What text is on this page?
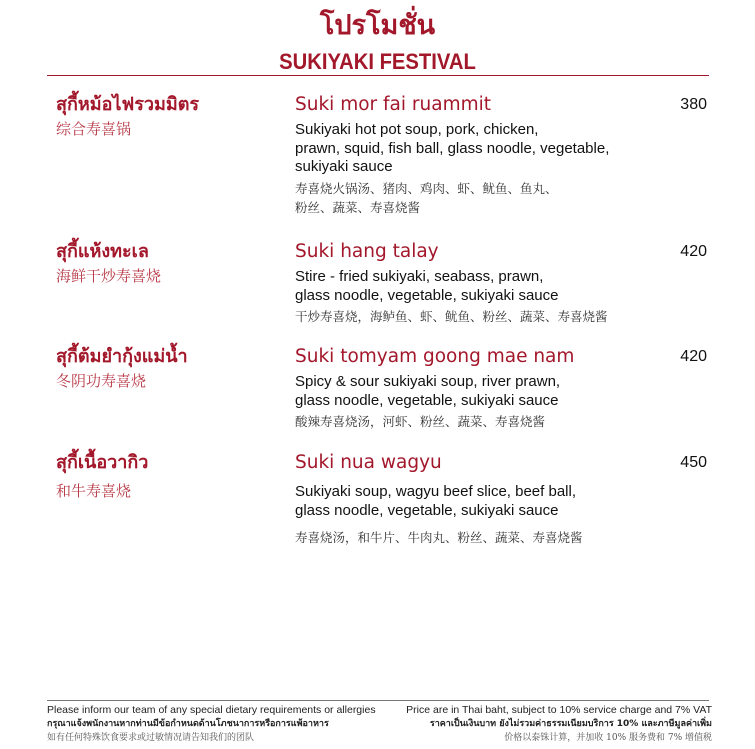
โปรโมชั่น
SUKIYAKI FESTIVAL
สุกี้หม้อไฟรวมมิตร
综合寿喜锅
Suki mor fai ruammit
Sukiyaki hot pot soup, pork, chicken,
prawn, squid, fish ball, glass noodle, vegetable,
sukiyaki sauce
寿喜烧火锅汤、猪肉、鸡肉、虾、鱿鱼、鱼丸、
粉丝、蔬菜、寿喜烧酱
380
สุกี้แห้งทะเล
海鲜干炒寿喜烧
Suki hang talay
Stire - fried sukiyaki, seabass, prawn,
glass noodle, vegetable, sukiyaki sauce
干炒寿喜烧，海鲈鱼、虾、鱿鱼、粉丝、蔬菜、寿喜烧酱
420
สุกี้ต้มยำกุ้งแม่น้ำ
冬阴功寿喜烧
Suki tomyam goong mae nam
Spicy & sour sukiyaki soup, river prawn,
glass noodle, vegetable, sukiyaki sauce
酸辣寿喜烧汤，河虾、粉丝、蔬菜、寿喜烧酱
420
สุกี้เนื้อวากิว
和牛寿喜烧
Suki nua wagyu
Sukiyaki soup, wagyu beef slice, beef ball,
glass noodle, vegetable, sukiyaki sauce
寿喜烧汤，和牛片、牛肉丸、粉丝、蔬菜、寿喜烧酱
450
Please inform our team of any special dietary requirements or allergies
กรุณาแจ้งพนักงานหากท่านมีข้อกำหนดด้านโภชนาการหรือการแพ้อาหาร
如有任何特殊饮食要求或过敏情况请告知我们的团队
Price are in Thai baht, subject to 10% service charge and 7% VAT
ราคาเป็นเงินบาท ยังไม่รวมค่าธรรมเนียมบริการ 10% และภาษีมูลค่าเพิ่ม
价格以泰铢计算，并加收 10% 服务费和 7% 增值税
